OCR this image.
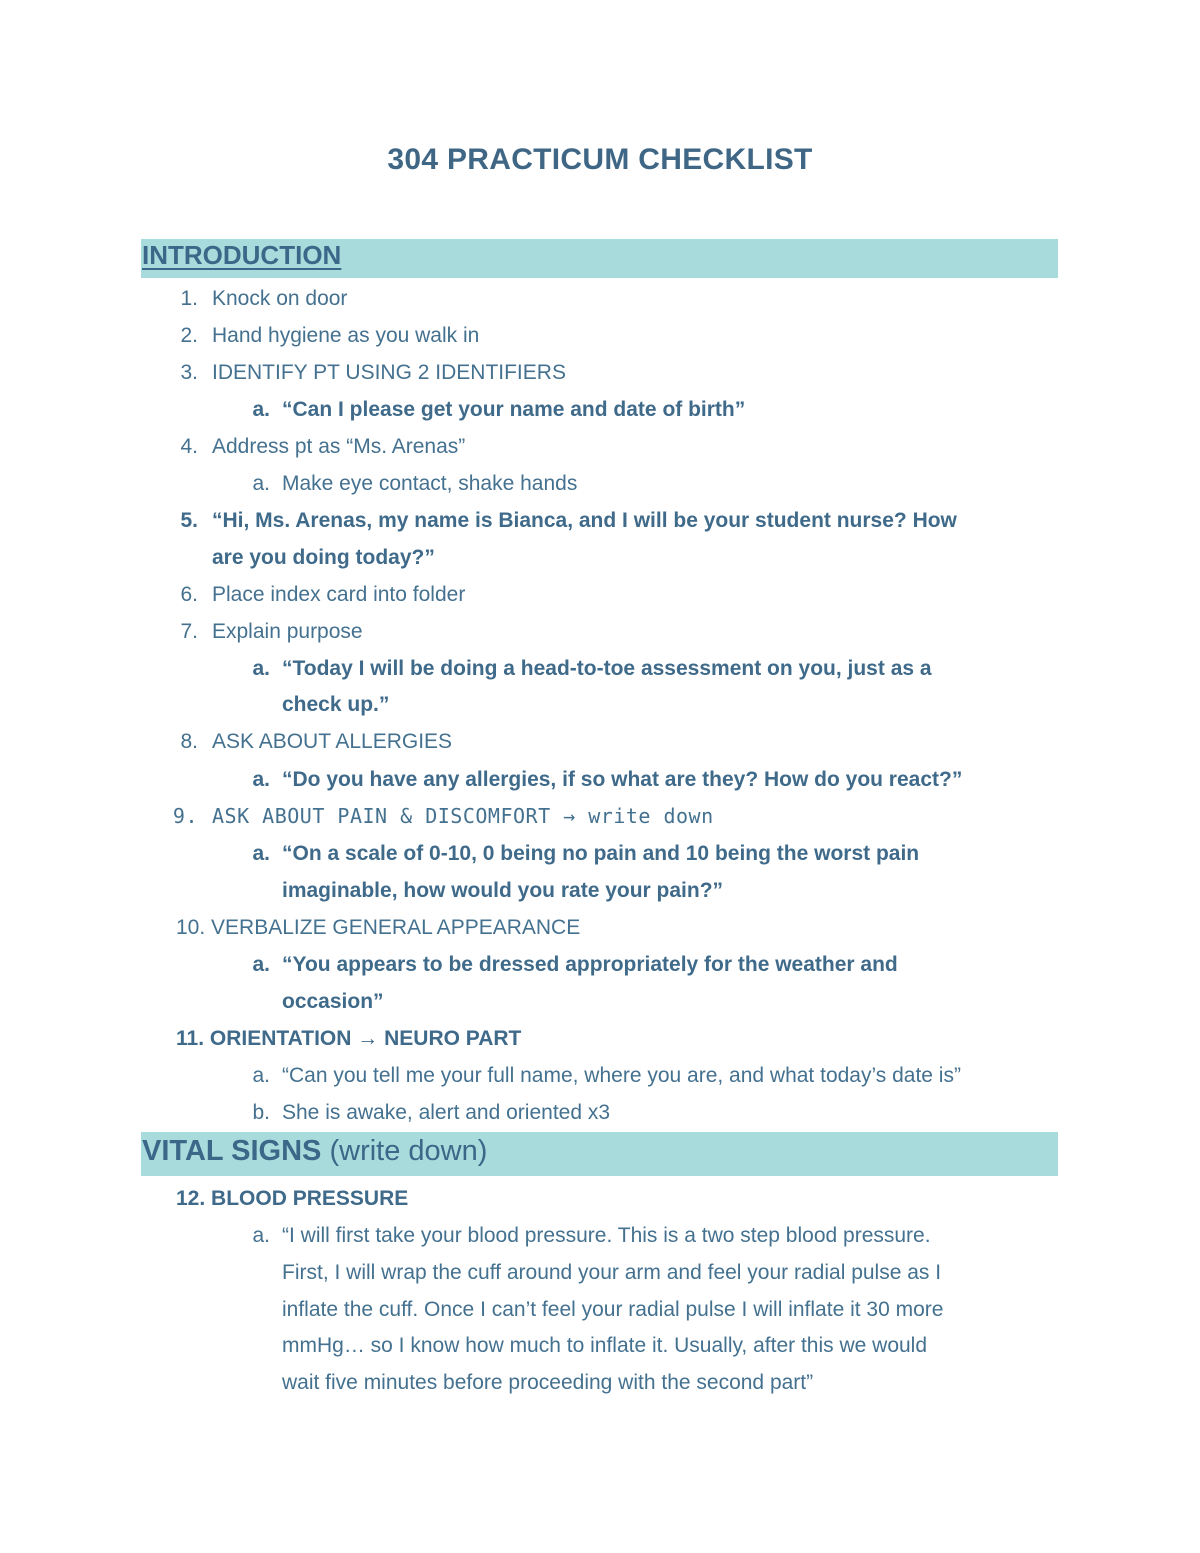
304 PRACTICUM CHECKLIST
INTRODUCTION
1. Knock on door
2. Hand hygiene as you walk in
3. IDENTIFY PT USING 2 IDENTIFIERS
a. “Can I please get your name and date of birth”
4. Address pt as “Ms. Arenas”
a. Make eye contact, shake hands
5. “Hi, Ms. Arenas, my name is Bianca, and I will be your student nurse? How
are you doing today?”
6. Place index card into folder
7. Explain purpose
a. “Today I will be doing a head-to-toe assessment on you, just as a
check up.”
8. ASK ABOUT ALLERGIES
a. “Do you have any allergies, if so what are they? How do you react?”
9. ASK ABOUT PAIN & DISCOMFORT → write down
a. “On a scale of 0-10, 0 being no pain and 10 being the worst pain
imaginable, how would you rate your pain?”
10. VERBALIZE GENERAL APPEARANCE
a. “You appears to be dressed appropriately for the weather and
occasion”
11. ORIENTATION → NEURO PART
a. “Can you tell me your full name, where you are, and what today’s date is”
b. She is awake, alert and oriented x3
VITAL SIGNS (write down)
12. BLOOD PRESSURE
a. “I will first take your blood pressure. This is a two step blood pressure.
First, I will wrap the cuff around your arm and feel your radial pulse as I
inflate the cuff. Once I can’t feel your radial pulse I will inflate it 30 more
mmHg… so I know how much to inflate it. Usually, after this we would
wait five minutes before proceeding with the second part”
